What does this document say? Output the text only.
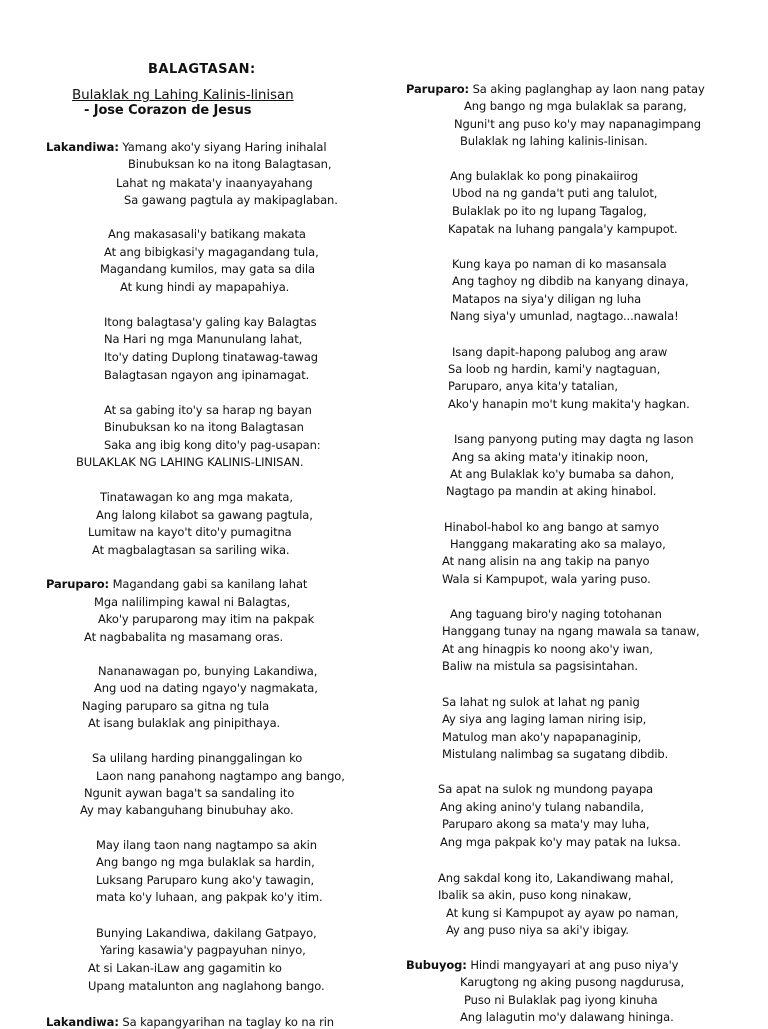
BALAGTASAN:
Bulaklak ng Lahing Kalinis-linisan
- Jose Corazon de Jesus
Lakandiwa: Yamang ako'y siyang Haring inihalal
Binubuksan ko na itong Balagtasan,
Lahat ng makata'y inaanyayahang
Sa gawang pagtula ay makipaglaban.
Ang makasasali'y batikang makata
At ang bibigkasi'y magagandang tula,
Magandang kumilos, may gata sa dila
At kung hindi ay mapapahiya.
Itong balagtasa'y galing kay Balagtas
Na Hari ng mga Manunulang lahat,
Ito'y dating Duplong tinatawag-tawag
Balagtasan ngayon ang ipinamagat.
At sa gabing ito'y sa harap ng bayan
Binubuksan ko na itong Balagtasan
Saka ang ibig kong dito'y pag-usapan:
BULAKLAK NG LAHING KALINIS-LINISAN.
Tinatawagan ko ang mga makata,
Ang lalong kilabot sa gawang pagtula,
Lumitaw na kayo't dito'y pumagitna
At magbalagtasan sa sariling wika.
Paruparo: Magandang gabi sa kanilang lahat
Mga nalilimping kawal ni Balagtas,
Ako'y paruparong may itim na pakpak
At nagbabalita ng masamang oras.
Nananawagan po, bunying Lakandiwa,
Ang uod na dating ngayo'y nagmakata,
Naging paruparo sa gitna ng tula
At isang bulaklak ang pinipithaya.
Sa ulilang harding pinanggalingan ko
Laon nang panahong nagtampo ang bango,
Ngunit aywan baga't sa sandaling ito
Ay may kabanguhang binubuhay ako.
May ilang taon nang nagtampo sa akin
Ang bango ng mga bulaklak sa hardin,
Luksang Paruparo kung ako'y tawagin,
mata ko'y luhaan, ang pakpak ko'y itim.
Bunying Lakandiwa, dakilang Gatpayo,
Yaring kasawia'y pagpayuhan ninyo,
At si Lakan-iLaw ang gagamitin ko
Upang matalunton ang naglahong bango.
Lakandiwa: Sa kapangyarihan na taglay ko na rin
Paruparo: Sa aking paglanghap ay laon nang patay
Ang bango ng mga bulaklak sa parang,
Nguni't ang puso ko'y may napanagimpang
Bulaklak ng lahing kalinis-linisan.
Ang bulaklak ko pong pinakaiirog
Ubod na ng ganda't puti ang talulot,
Bulaklak po ito ng lupang Tagalog,
Kapatak na luhang pangala'y kampupot.
Kung kaya po naman di ko masansala
Ang taghoy ng dibdib na kanyang dinaya,
Matapos na siya'y diligan ng luha
Nang siya'y umunlad, nagtago...nawala!
Isang dapit-hapong palubog ang araw
Sa loob ng hardin, kami'y nagtaguan,
Paruparo, anya kita'y tatalian,
Ako'y hanapin mo't kung makita'y hagkan.
Isang panyong puting may dagta ng lason
Ang sa aking mata'y itinakip noon,
At ang Bulaklak ko'y bumaba sa dahon,
Nagtago pa mandin at aking hinabol.
Hinabol-habol ko ang bango at samyo
Hanggang makarating ako sa malayo,
At nang alisin na ang takip na panyo
Wala si Kampupot, wala yaring puso.
Ang taguang biro'y naging totohanan
Hanggang tunay na ngang mawala sa tanaw,
At ang hinagpis ko noong ako'y iwan,
Baliw na mistula sa pagsisintahan.
Sa lahat ng sulok at lahat ng panig
Ay siya ang laging laman niring isip,
Matulog man ako'y napapanaginip,
Mistulang nalimbag sa sugatang dibdib.
Sa apat na sulok ng mundong payapa
Ang aking anino'y tulang nabandila,
Paruparo akong sa mata'y may luha,
Ang mga pakpak ko'y may patak na luksa.
Ang sakdal kong ito, Lakandiwang mahal,
Ibalik sa akin, puso kong ninakaw,
At kung si Kampupot ay ayaw po naman,
Ay ang puso niya sa aki'y ibigay.
Bubuyog: Hindi mangyayari at ang puso niya'y
Karugtong ng aking pusong nagdurusa,
Puso ni Bulaklak pag iyong kinuha
Ang lalagutin mo'y dalawang hininga.
